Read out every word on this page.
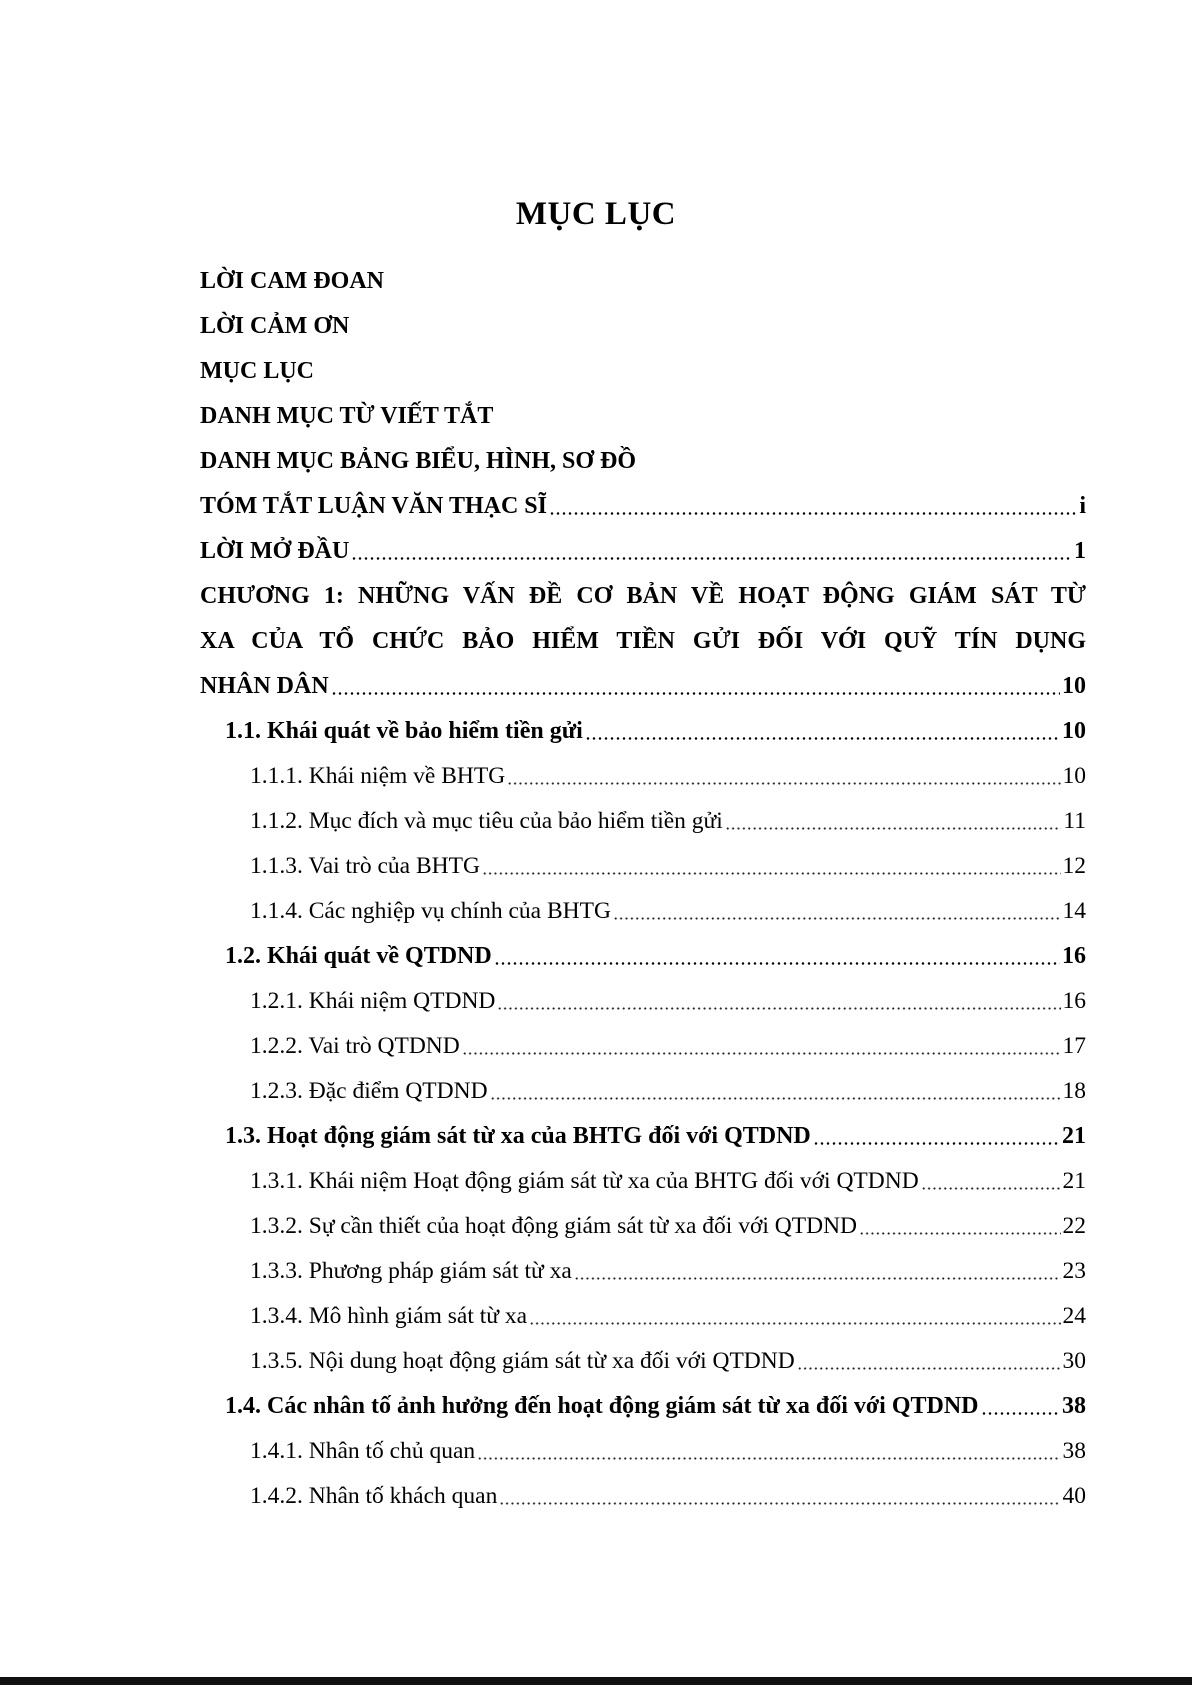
MỤC LỤC
LỜI CAM ĐOAN
LỜI CẢM ƠN
MỤC LỤC
DANH MỤC TỪ VIẾT TẮT
DANH MỤC BẢNG BIỂU, HÌNH, SƠ ĐỒ
TÓM TẮT LUẬN VĂN THẠC SĨ	i
LỜI MỞ ĐẦU	1
CHƯƠNG 1: NHỮNG VẤN ĐỀ CƠ BẢN VỀ HOẠT ĐỘNG GIÁM SÁT TỪ
XA CỦA TỔ CHỨC BẢO HIỂM TIỀN GỬI ĐỐI VỚI QUỸ TÍN DỤNG
NHÂN DÂN	10
1.1. Khái quát về bảo hiểm tiền gửi	10
1.1.1. Khái niệm về BHTG	10
1.1.2. Mục đích và mục tiêu của bảo hiểm tiền gửi	11
1.1.3. Vai trò của BHTG	12
1.1.4. Các nghiệp vụ chính của BHTG	14
1.2. Khái quát về QTDND	16
1.2.1. Khái niệm QTDND	16
1.2.2. Vai trò QTDND	17
1.2.3. Đặc điểm QTDND	18
1.3. Hoạt động giám sát từ xa của BHTG đối với QTDND	21
1.3.1. Khái niệm Hoạt động giám sát từ xa của BHTG đối với QTDND	21
1.3.2. Sự cần thiết của hoạt động giám sát từ xa đối với QTDND	22
1.3.3. Phương pháp giám sát từ xa	23
1.3.4. Mô hình giám sát từ xa	24
1.3.5. Nội dung hoạt động giám sát từ xa đối với QTDND	30
1.4. Các nhân tố ảnh hưởng đến hoạt động giám sát từ xa đối với QTDND	38
1.4.1. Nhân tố chủ quan	38
1.4.2. Nhân tố khách quan	40
